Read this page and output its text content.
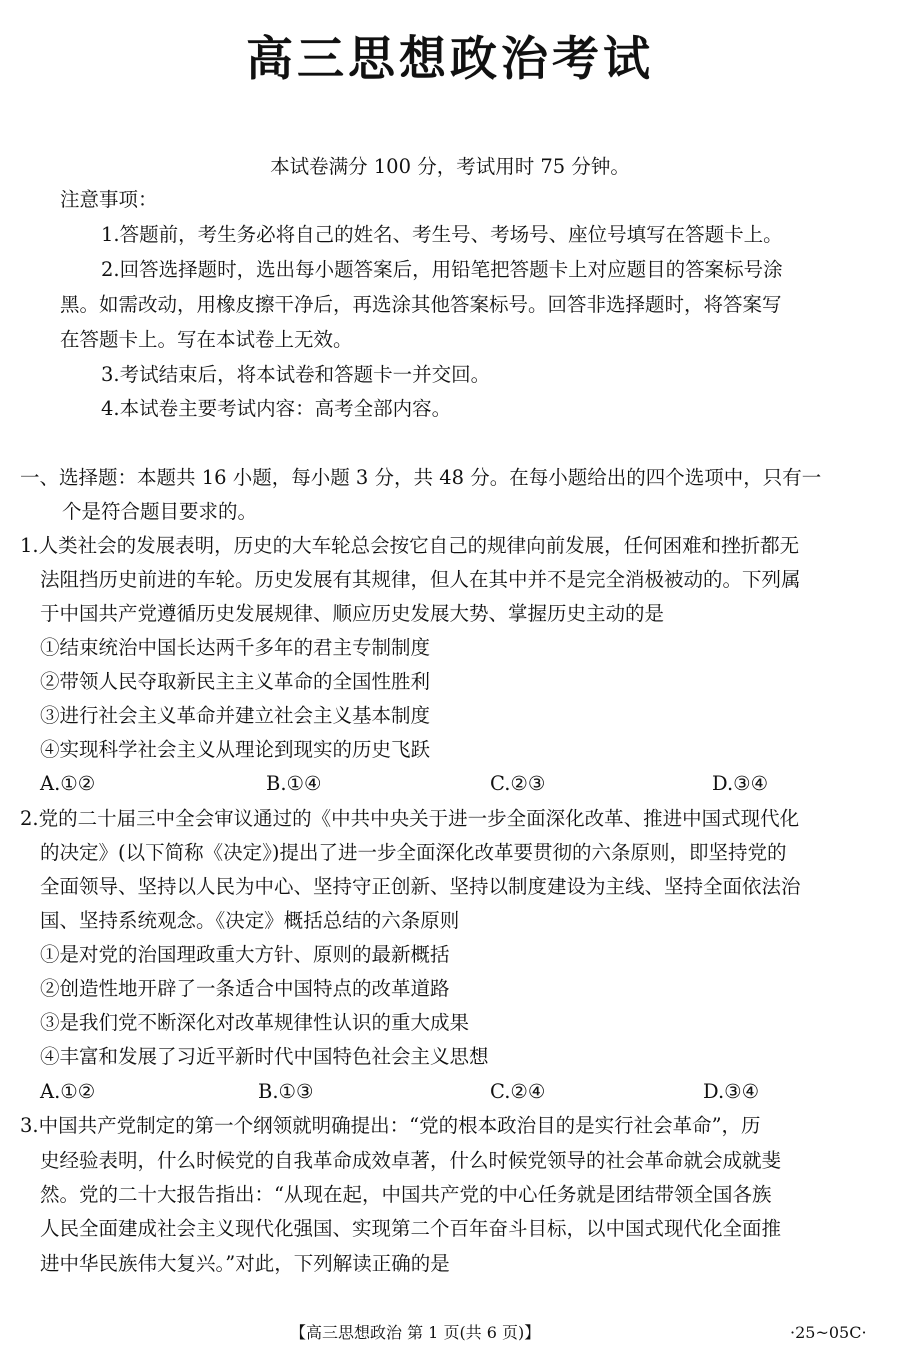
高三思想政治考试
本试卷满分 100 分，考试用时 75 分钟。
注意事项：
1.答题前，考生务必将自己的姓名、考生号、考场号、座位号填写在答题卡上。
2.回答选择题时，选出每小题答案后，用铅笔把答题卡上对应题目的答案标号涂
黑。如需改动，用橡皮擦干净后，再选涂其他答案标号。回答非选择题时，将答案写
在答题卡上。写在本试卷上无效。
3.考试结束后，将本试卷和答题卡一并交回。
4.本试卷主要考试内容：高考全部内容。
一、选择题：本题共 16 小题，每小题 3 分，共 48 分。在每小题给出的四个选项中，只有一
个是符合题目要求的。
1.人类社会的发展表明，历史的大车轮总会按它自己的规律向前发展，任何困难和挫折都无
法阻挡历史前进的车轮。历史发展有其规律，但人在其中并不是完全消极被动的。下列属
于中国共产党遵循历史发展规律、顺应历史发展大势、掌握历史主动的是
①结束统治中国长达两千多年的君主专制制度
②带领人民夺取新民主主义革命的全国性胜利
③进行社会主义革命并建立社会主义基本制度
④实现科学社会主义从理论到现实的历史飞跃
A.①②	B.①④	C.②③	D.③④
2.党的二十届三中全会审议通过的《中共中央关于进一步全面深化改革、推进中国式现代化
的决定》(以下简称《决定》)提出了进一步全面深化改革要贯彻的六条原则，即坚持党的
全面领导、坚持以人民为中心、坚持守正创新、坚持以制度建设为主线、坚持全面依法治
国、坚持系统观念。《决定》概括总结的六条原则
①是对党的治国理政重大方针、原则的最新概括
②创造性地开辟了一条适合中国特点的改革道路
③是我们党不断深化对改革规律性认识的重大成果
④丰富和发展了习近平新时代中国特色社会主义思想
A.①②	B.①③	C.②④	D.③④
3.中国共产党制定的第一个纲领就明确提出：“党的根本政治目的是实行社会革命”，历
史经验表明，什么时候党的自我革命成效卓著，什么时候党领导的社会革命就会成就斐
然。党的二十大报告指出：“从现在起，中国共产党的中心任务就是团结带领全国各族
人民全面建成社会主义现代化强国、实现第二个百年奋斗目标，以中国式现代化全面推
进中华民族伟大复兴。”对此，下列解读正确的是
【高三思想政治 第 1 页(共 6 页)】	·25~05C·
